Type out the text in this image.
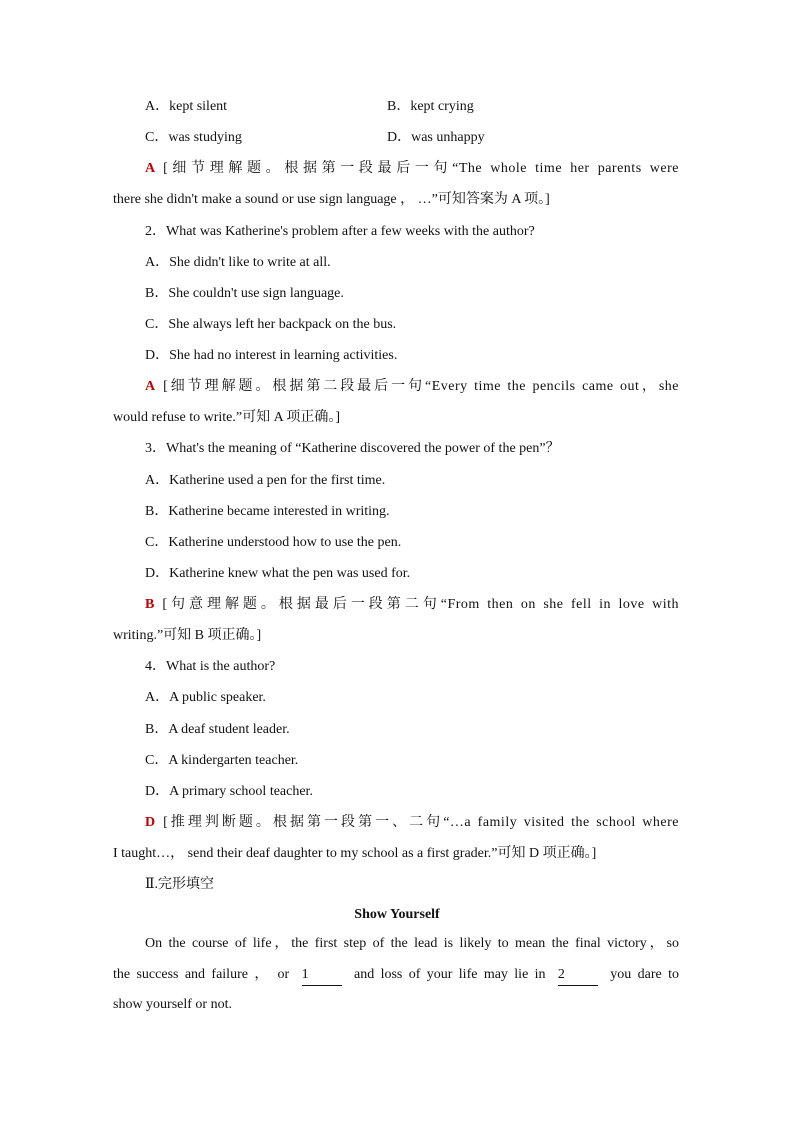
A．kept silent	B．kept crying
C．was studying	D．was unhappy
A [细节理解题。根据第一段最后一句“The whole time her parents were
there she didn't make a sound or use sign language ， …”可知答案为 A 项。]
2．What was Katherine's problem after a few weeks with the author?
A．She didn't like to write at all.
B．She couldn't use sign language.
C．She always left her backpack on the bus.
D．She had no interest in learning activities.
A [细节理解题。根据第二段最后一句“Every time the pencils came out，she
would refuse to write.”可知 A 项正确。]
3．What's the meaning of “Katherine discovered the power of the pen”？
A．Katherine used a pen for the first time.
B．Katherine became interested in writing.
C．Katherine understood how to use the pen.
D．Katherine knew what the pen was used for.
B [句意理解题。根据最后一段第二句“From then on she fell in love with
writing.”可知 B 项正确。]
4．What is the author?
A．A public speaker.
B．A deaf student leader.
C．A kindergarten teacher.
D．A primary school teacher.
D [推理判断题。根据第一段第一、二句“…a family visited the school where
I taught…， send their deaf daughter to my school as a first grader.”可知 D 项正确。]
Ⅱ.完形填空
Show Yourself
On the course of life，the first step of the lead is likely to mean the final victory，so
the success and failure ， or 1	and loss of your life may lie in 2	you dare to
show yourself or not.
